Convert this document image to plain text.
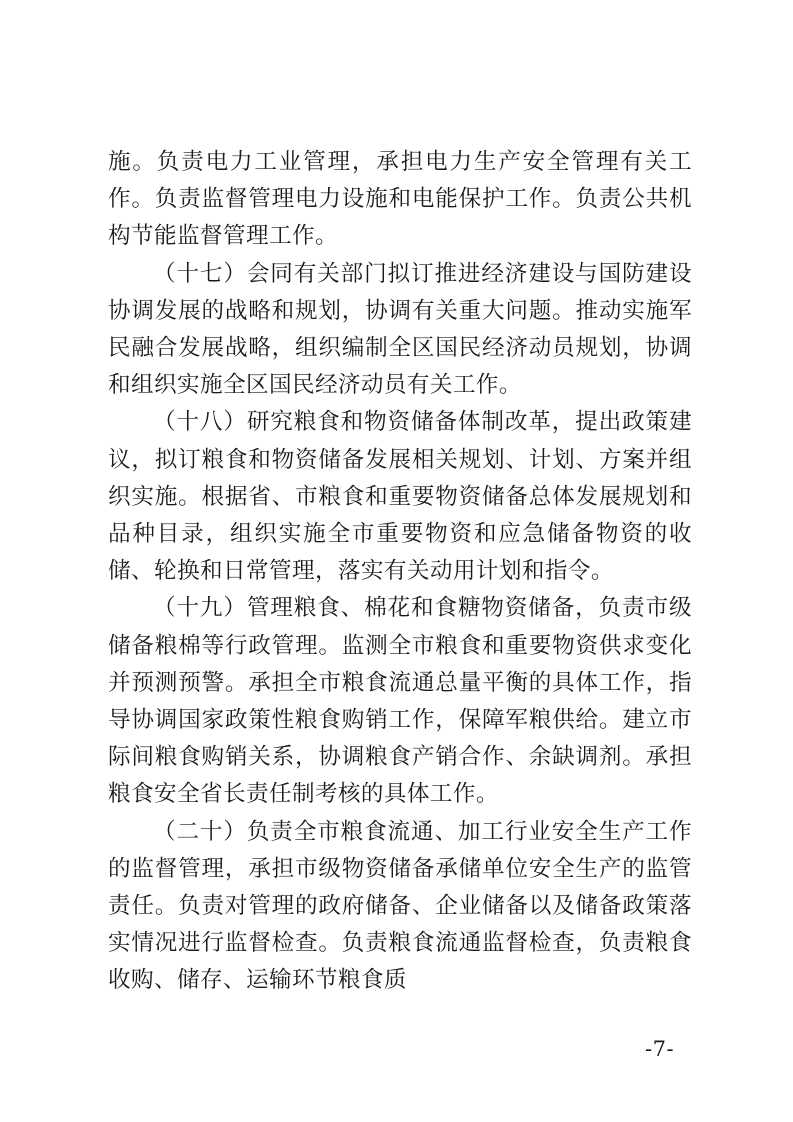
施。负责电力工业管理，承担电力生产安全管理有关工作。负责监督管理电力设施和电能保护工作。负责公共机构节能监督管理工作。

（十七）会同有关部门拟订推进经济建设与国防建设协调发展的战略和规划，协调有关重大问题。推动实施军民融合发展战略，组织编制全区国民经济动员规划，协调和组织实施全区国民经济动员有关工作。

（十八）研究粮食和物资储备体制改革，提出政策建议，拟订粮食和物资储备发展相关规划、计划、方案并组织实施。根据省、市粮食和重要物资储备总体发展规划和品种目录，组织实施全市重要物资和应急储备物资的收储、轮换和日常管理，落实有关动用计划和指令。

（十九）管理粮食、棉花和食糖物资储备，负责市级储备粮棉等行政管理。监测全市粮食和重要物资供求变化并预测预警。承担全市粮食流通总量平衡的具体工作，指导协调国家政策性粮食购销工作，保障军粮供给。建立市际间粮食购销关系，协调粮食产销合作、余缺调剂。承担粮食安全省长责任制考核的具体工作。

（二十）负责全市粮食流通、加工行业安全生产工作的监督管理，承担市级物资储备承储单位安全生产的监管责任。负责对管理的政府储备、企业储备以及储备政策落实情况进行监督检查。负责粮食流通监督检查，负责粮食收购、储存、运输环节粮食质

-7-
